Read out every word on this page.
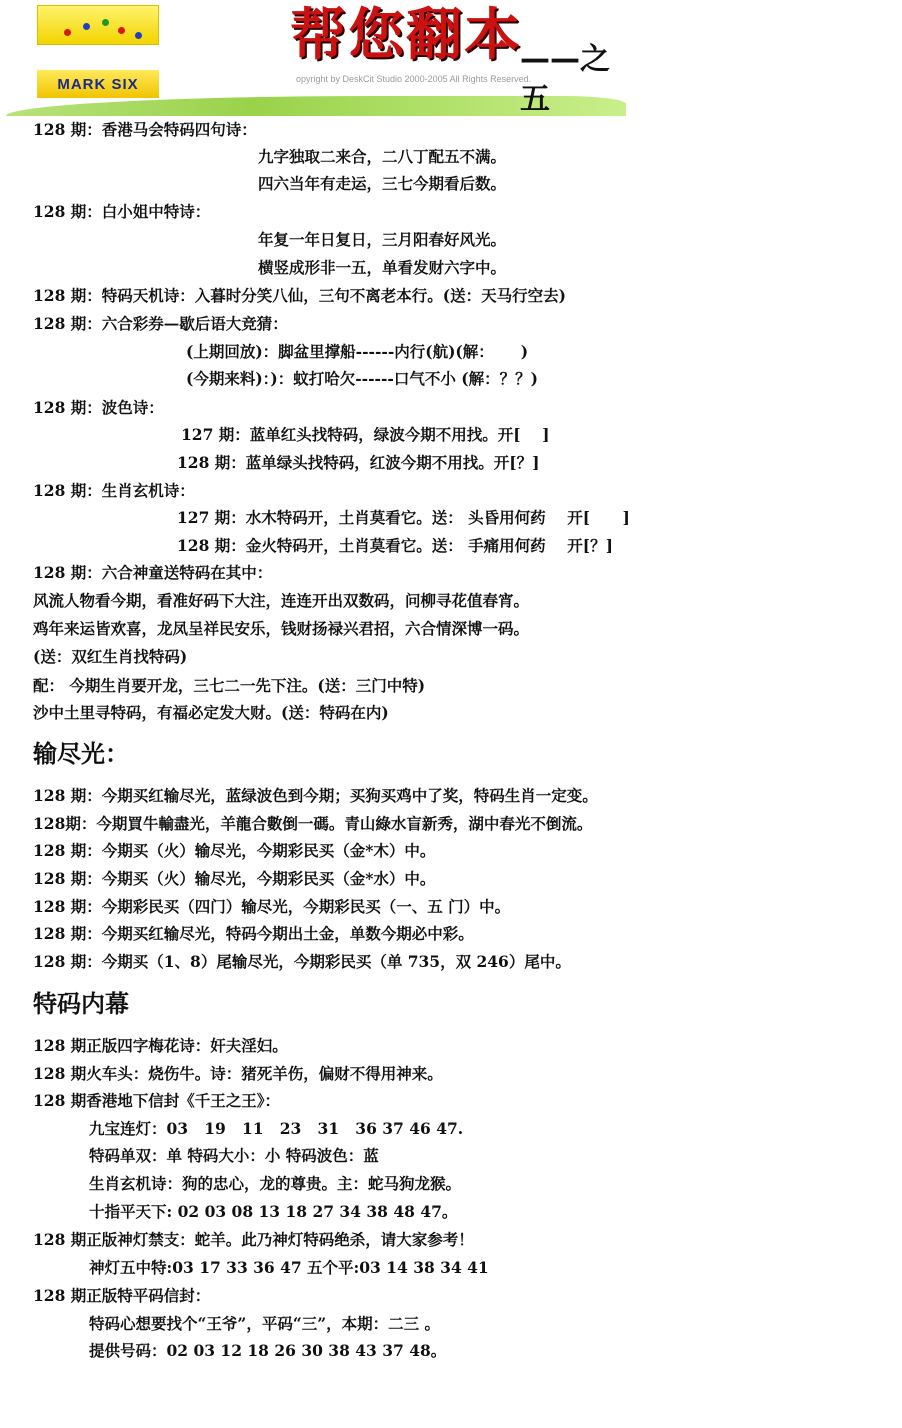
MARK SIX	opyright by DeskCit Studio 2000-2005 All Rights Reserved.
帮您翻本
——之五
128 期：香港马会特码四句诗：
九字独取二来合，二八丁配五不满。
四六当年有走运，三七今期看后数。
128 期：白小姐中特诗：
年复一年日复日，三月阳春好风光。
横竖成形非一五，单看发财六字中。
128 期：特码天机诗：入暮时分笑八仙，三句不离老本行。(送：天马行空去)
128 期：六合彩券—歇后语大竞猜：
(上期回放)：脚盆里撑船------内行(航)(解：     )
(今期来料)：)：蚊打哈欠------口气不小 (解：？？)
128 期：波色诗：
127 期：蓝单红头找特码，绿波今期不用找。开[    ]
128 期：蓝单绿头找特码，红波今期不用找。开[？]
128 期：生肖玄机诗：
127 期：水木特码开，土肖莫看它。送： 头昏用何药    开[      ]
128 期：金火特码开，土肖莫看它。送： 手痛用何药    开[？]
128 期：六合神童送特码在其中：
风流人物看今期，看准好码下大注，连连开出双数码，问柳寻花值春宵。
鸡年来运皆欢喜，龙凤呈祥民安乐，钱财扬禄兴君招，六合情深博一码。
(送：双红生肖找特码)
配： 今期生肖要开龙，三七二一先下注。(送：三门中特)
沙中土里寻特码，有福必定发大财。(送：特码在内)
输尽光：
128 期：今期买红输尽光，蓝绿波色到今期；买狗买鸡中了奖，特码生肖一定变。
128期：今期買牛輸盡光，羊龍合數倒一碼。青山綠水盲新秀，湖中春光不倒流。
128 期：今期买（火）输尽光，今期彩民买（金*木）中。
128 期：今期买（火）输尽光，今期彩民买（金*水）中。
128 期：今期彩民买（四门）输尽光，今期彩民买（一、五 门）中。
128 期：今期买红输尽光，特码今期出土金，单数今期必中彩。
128 期：今期买（1、8）尾输尽光，今期彩民买（单 735，双 246）尾中。
特码内幕
128 期正版四字梅花诗：奸夫淫妇。
128 期火车头：烧伤牛。诗：猪死羊伤，偏财不得用神来。
128 期香港地下信封《千王之王》：
九宝连灯：03   19   11   23   31   36 37 46 47.
特码单双：单 特码大小：小 特码波色：蓝
生肖玄机诗：狗的忠心，龙的尊贵。主：蛇马狗龙猴。
十指平天下: 02 03 08 13 18 27 34 38 48 47。
128 期正版神灯禁支：蛇羊。此乃神灯特码绝杀，请大家参考！
神灯五中特:03 17 33 36 47 五个平:03 14 38 34 41
128 期正版特平码信封：
特码心想要找个“王爷”，平码“三”，本期：二三 。
提供号码：02 03 12 18 26 30 38 43 37 48。
